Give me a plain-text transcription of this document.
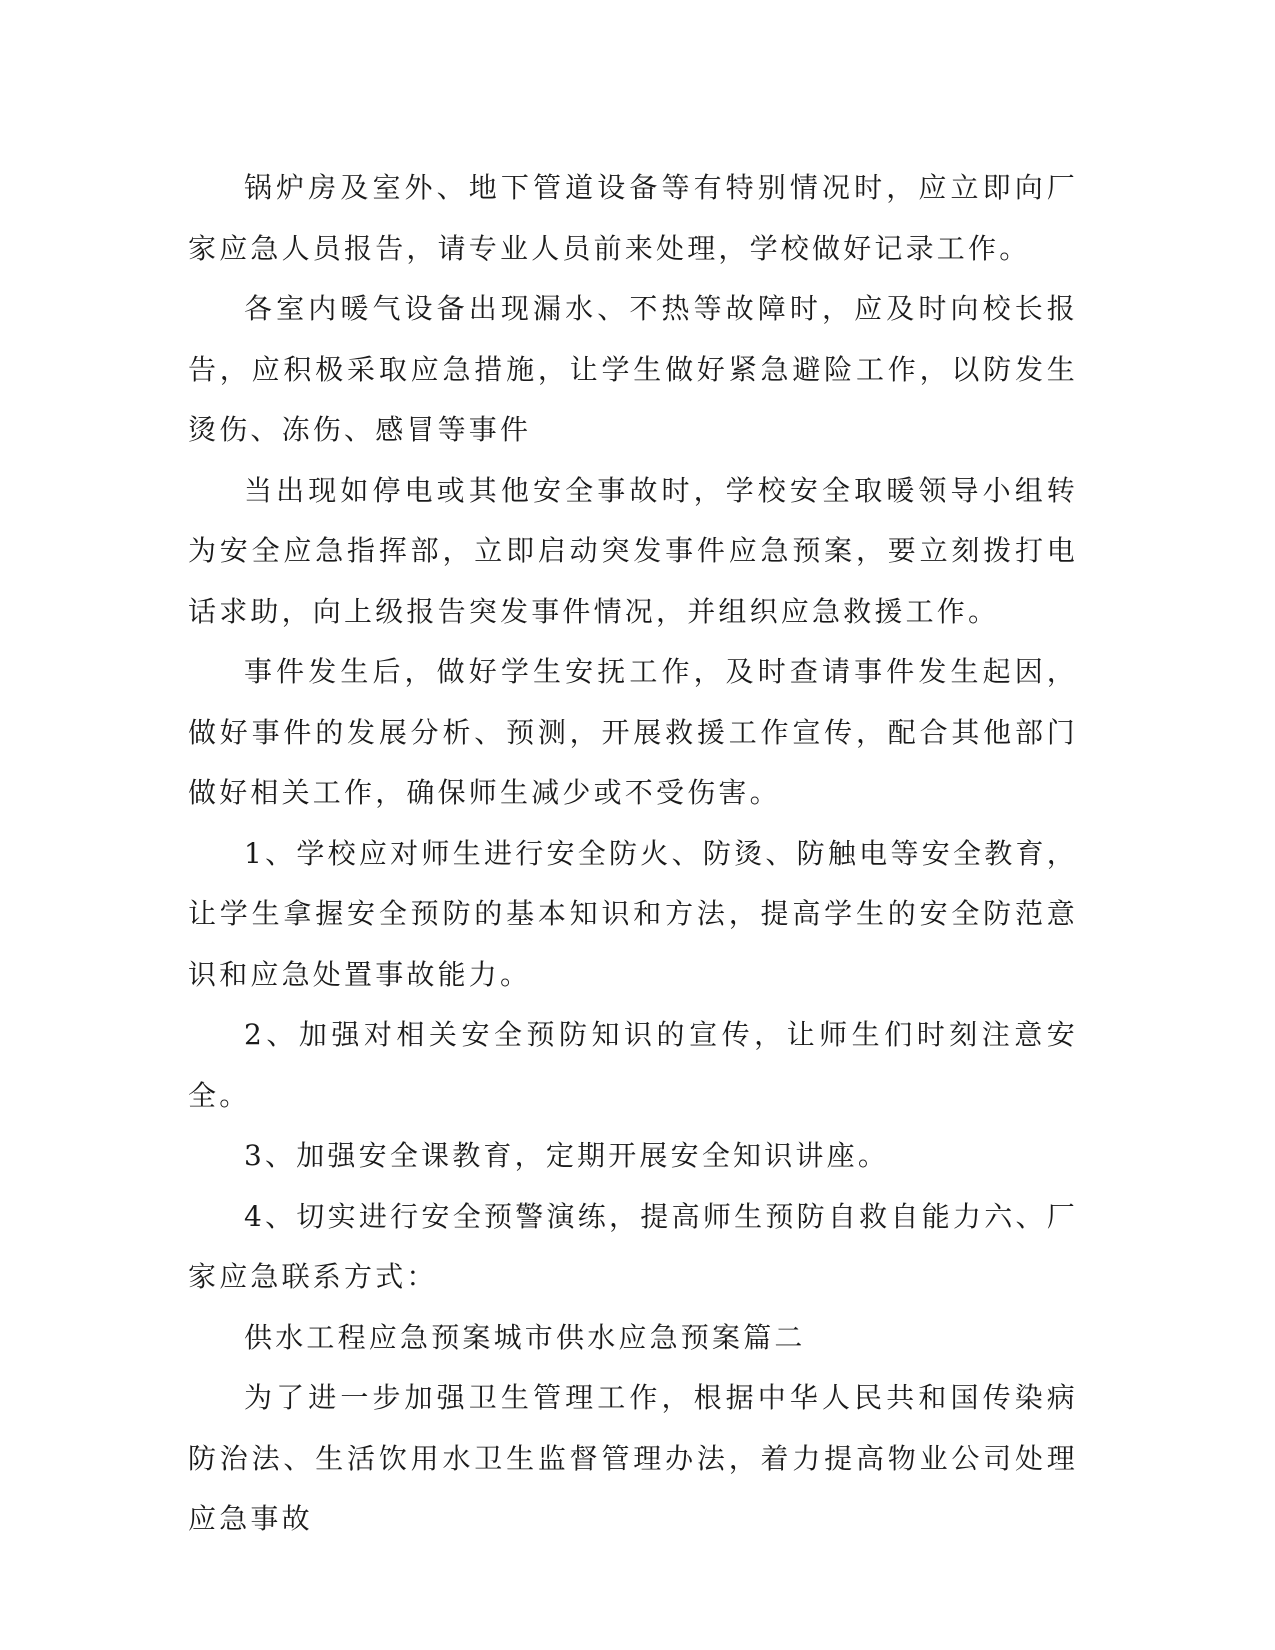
锅炉房及室外、地下管道设备等有特别情况时，应立即向厂家应急人员报告，请专业人员前来处理，学校做好记录工作。

各室内暖气设备出现漏水、不热等故障时，应及时向校长报告，应积极采取应急措施，让学生做好紧急避险工作，以防发生烫伤、冻伤、感冒等事件

当出现如停电或其他安全事故时，学校安全取暖领导小组转为安全应急指挥部，立即启动突发事件应急预案，要立刻拨打电话求助，向上级报告突发事件情况，并组织应急救援工作。

事件发生后，做好学生安抚工作，及时查请事件发生起因，做好事件的发展分析、预测，开展救援工作宣传，配合其他部门做好相关工作，确保师生减少或不受伤害。

1、学校应对师生进行安全防火、防烫、防触电等安全教育，让学生拿握安全预防的基本知识和方法，提高学生的安全防范意识和应急处置事故能力。

2、加强对相关安全预防知识的宣传，让师生们时刻注意安全。

3、加强安全课教育，定期开展安全知识讲座。

4、切实进行安全预警演练，提高师生预防自救自能力六、厂家应急联系方式：

供水工程应急预案城市供水应急预案篇二

为了进一步加强卫生管理工作，根据中华人民共和国传染病防治法、生活饮用水卫生监督管理办法，着力提高物业公司处理应急事故
